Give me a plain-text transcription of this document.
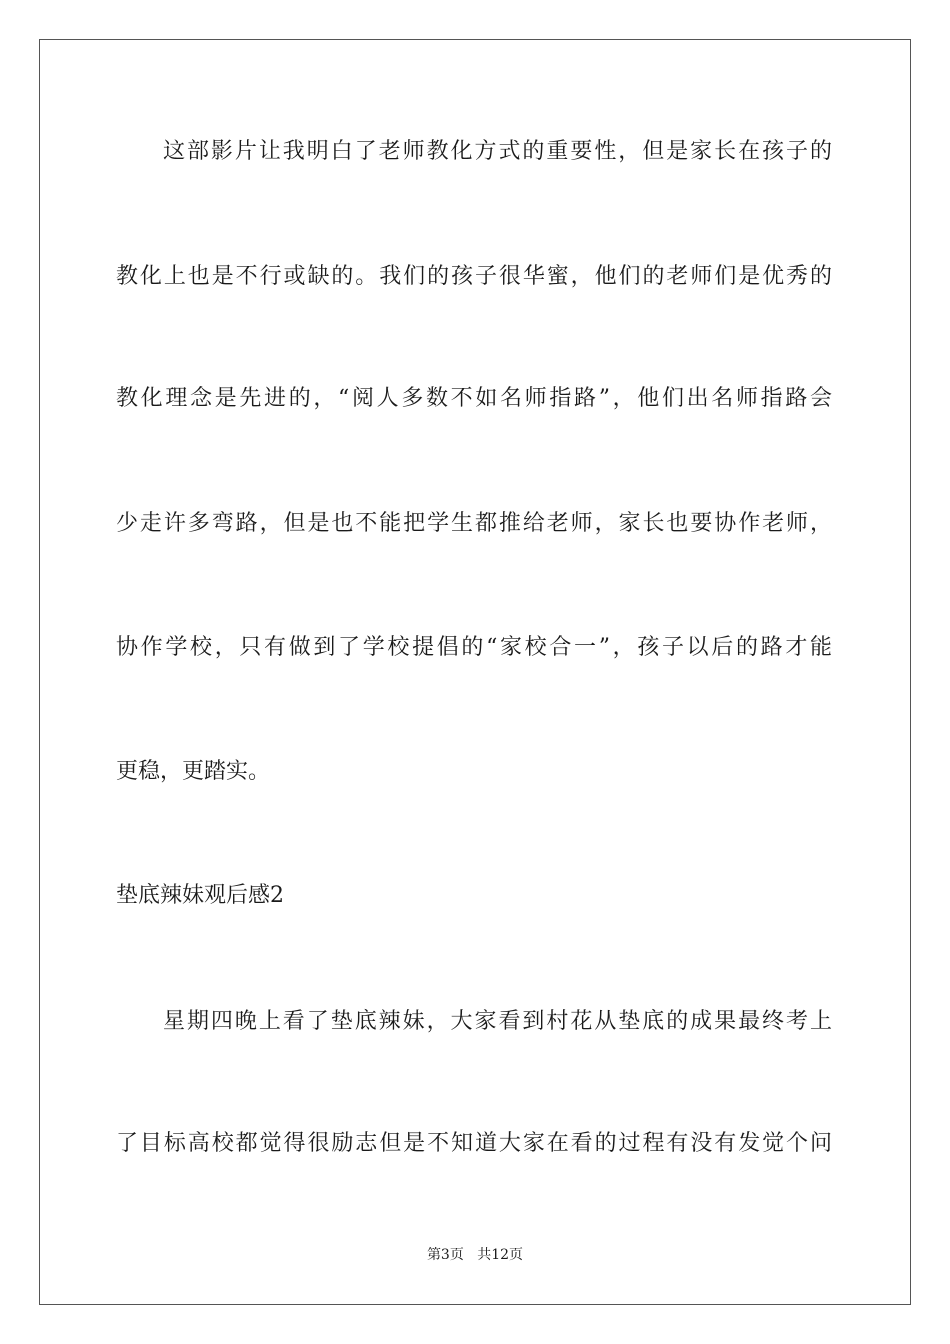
这部影片让我明白了老师教化方式的重要性，但是家长在孩子的
教化上也是不行或缺的。我们的孩子很华蜜，他们的老师们是优秀的
教化理念是先进的，“阅人多数不如名师指路”，他们出名师指路会
少走许多弯路，但是也不能把学生都推给老师，家长也要协作老师，
协作学校，只有做到了学校提倡的“家校合一”，孩子以后的路才能
更稳，更踏实。
垫底辣妹观后感2
星期四晚上看了垫底辣妹，大家看到村花从垫底的成果最终考上
了目标高校都觉得很励志但是不知道大家在看的过程有没有发觉个问
第3页 共12页
